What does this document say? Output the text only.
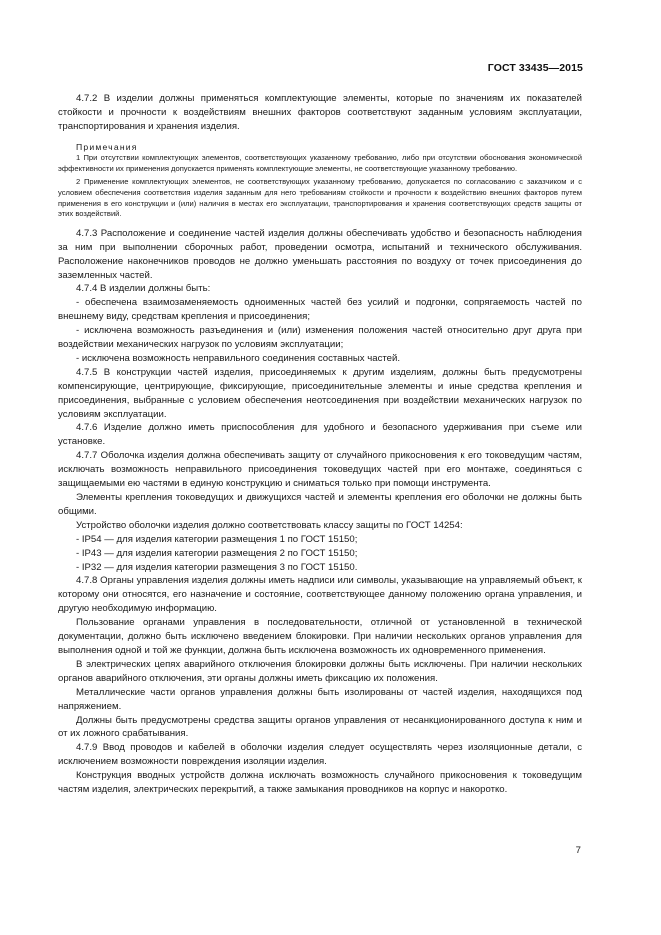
ГОСТ 33435—2015

4.7.2 В изделии должны применяться комплектующие элементы, которые по значениям их показателей стойкости и прочности к воздействиям внешних факторов соответствуют заданным условиям эксплуатации, транспортирования и хранения изделия.

Примечания

1 При отсутствии комплектующих элементов, соответствующих указанному требованию, либо при отсутствии обоснования экономической эффективности их применения допускается применять комплектующие элементы, не соответствующие указанному требованию.

2 Применение комплектующих элементов, не соответствующих указанному требованию, допускается по согласованию с заказчиком и с условием обеспечения соответствия изделия заданным для него требованиям стойкости и прочности к воздействию внешних факторов путем применения в его конструкции и (или) наличия в местах его эксплуатации, транспортирования и хранения соответствующих средств защиты от этих воздействий.

4.7.3 Расположение и соединение частей изделия должны обеспечивать удобство и безопасность наблюдения за ним при выполнении сборочных работ, проведении осмотра, испытаний и технического обслуживания. Расположение наконечников проводов не должно уменьшать расстояния по воздуху от точек присоединения до заземленных частей.

4.7.4 В изделии должны быть:

- обеспечена взаимозаменяемость одноименных частей без усилий и подгонки, сопрягаемость частей по внешнему виду, средствам крепления и присоединения;

- исключена возможность разъединения и (или) изменения положения частей относительно друг друга при воздействии механических нагрузок по условиям эксплуатации;

- исключена возможность неправильного соединения составных частей.

4.7.5 В конструкции частей изделия, присоединяемых к другим изделиям, должны быть предусмотрены компенсирующие, центрирующие, фиксирующие, присоединительные элементы и иные средства крепления и присоединения, выбранные с условием обеспечения неотсоединения при воздействии механических нагрузок по условиям эксплуатации.

4.7.6 Изделие должно иметь приспособления для удобного и безопасного удерживания при съеме или установке.

4.7.7 Оболочка изделия должна обеспечивать защиту от случайного прикосновения к его токоведущим частям, исключать возможность неправильного присоединения токоведущих частей при его монтаже, соединяться с защищаемыми ею частями в единую конструкцию и сниматься только при помощи инструмента.

Элементы крепления токоведущих и движущихся частей и элементы крепления его оболочки не должны быть общими.

Устройство оболочки изделия должно соответствовать классу защиты по ГОСТ 14254:

- IP54 — для изделия категории размещения 1 по ГОСТ 15150;

- IP43 — для изделия категории размещения 2 по ГОСТ 15150;

- IP32 — для изделия категории размещения 3 по ГОСТ 15150.

4.7.8 Органы управления изделия должны иметь надписи или символы, указывающие на управляемый объект, к которому они относятся, его назначение и состояние, соответствующее данному положению органа управления, и другую необходимую информацию.

Пользование органами управления в последовательности, отличной от установленной в технической документации, должно быть исключено введением блокировки. При наличии нескольких органов управления для выполнения одной и той же функции, должна быть исключена возможность их одновременного применения.

В электрических цепях аварийного отключения блокировки должны быть исключены. При наличии нескольких органов аварийного отключения, эти органы должны иметь фиксацию их положения.

Металлические части органов управления должны быть изолированы от частей изделия, находящихся под напряжением.

Должны быть предусмотрены средства защиты органов управления от несанкционированного доступа к ним и от их ложного срабатывания.

4.7.9 Ввод проводов и кабелей в оболочки изделия следует осуществлять через изоляционные детали, с исключением возможности повреждения изоляции изделия.

Конструкция вводных устройств должна исключать возможность случайного прикосновения к токоведущим частям изделия, электрических перекрытий, а также замыкания проводников на корпус и накоротко.

7
